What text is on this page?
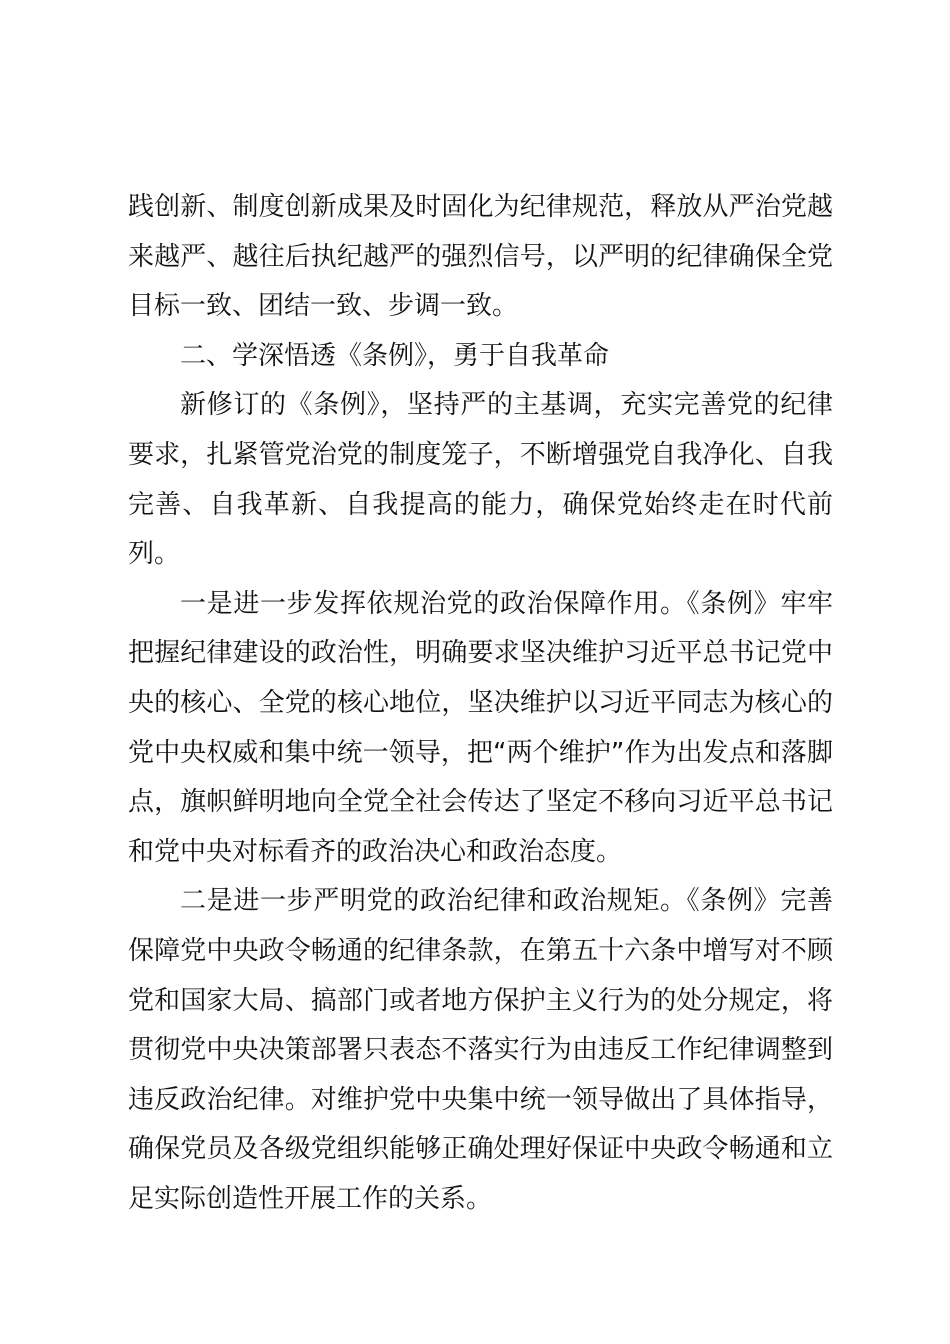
践创新、制度创新成果及时固化为纪律规范，释放从严治党越来越严、越往后执纪越严的强烈信号，以严明的纪律确保全党目标一致、团结一致、步调一致。

二、学深悟透《条例》，勇于自我革命

新修订的《条例》，坚持严的主基调，充实完善党的纪律要求，扎紧管党治党的制度笼子，不断增强党自我净化、自我完善、自我革新、自我提高的能力，确保党始终走在时代前列。

一是进一步发挥依规治党的政治保障作用。《条例》牢牢把握纪律建设的政治性，明确要求坚决维护习近平总书记党中央的核心、全党的核心地位，坚决维护以习近平同志为核心的党中央权威和集中统一领导，把“两个维护”作为出发点和落脚点，旗帜鲜明地向全党全社会传达了坚定不移向习近平总书记和党中央对标看齐的政治决心和政治态度。

二是进一步严明党的政治纪律和政治规矩。《条例》完善保障党中央政令畅通的纪律条款，在第五十六条中增写对不顾党和国家大局、搞部门或者地方保护主义行为的处分规定，将贯彻党中央决策部署只表态不落实行为由违反工作纪律调整到违反政治纪律。对维护党中央集中统一领导做出了具体指导，确保党员及各级党组织能够正确处理好保证中央政令畅通和立足实际创造性开展工作的关系。
